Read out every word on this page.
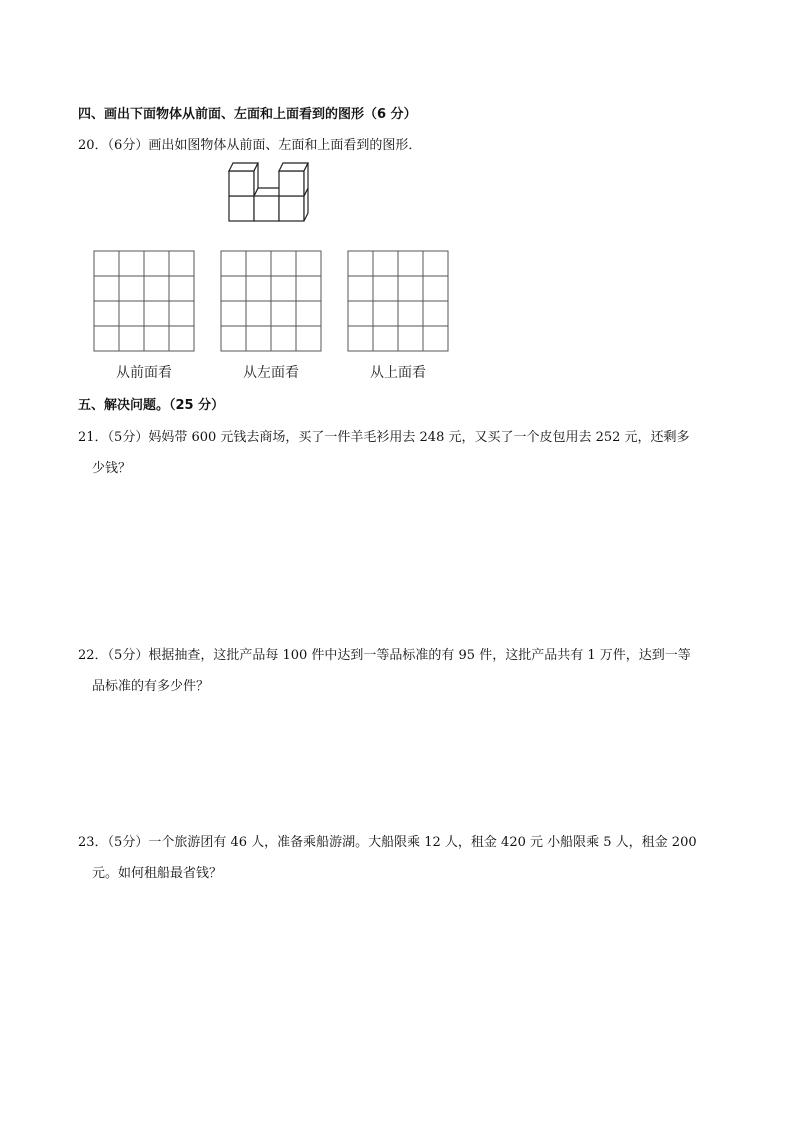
四、画出下面物体从前面、左面和上面看到的图形（6 分）
20．（6分）画出如图物体从前面、左面和上面看到的图形．
从前面看	从左面看	从上面看
五、解决问题。（25 分）
21．（5分）妈妈带 600 元钱去商场，买了一件羊毛衫用去 248 元，又买了一个皮包用去 252 元，还剩多
少钱？
22．（5分）根据抽查，这批产品每 100 件中达到一等品标准的有 95 件，这批产品共有 1 万件，达到一等
品标准的有多少件？
23．（5分）一个旅游团有 46 人，准备乘船游湖。大船限乘 12 人，租金 420 元 小船限乘 5 人，租金 200
元。如何租船最省钱？
